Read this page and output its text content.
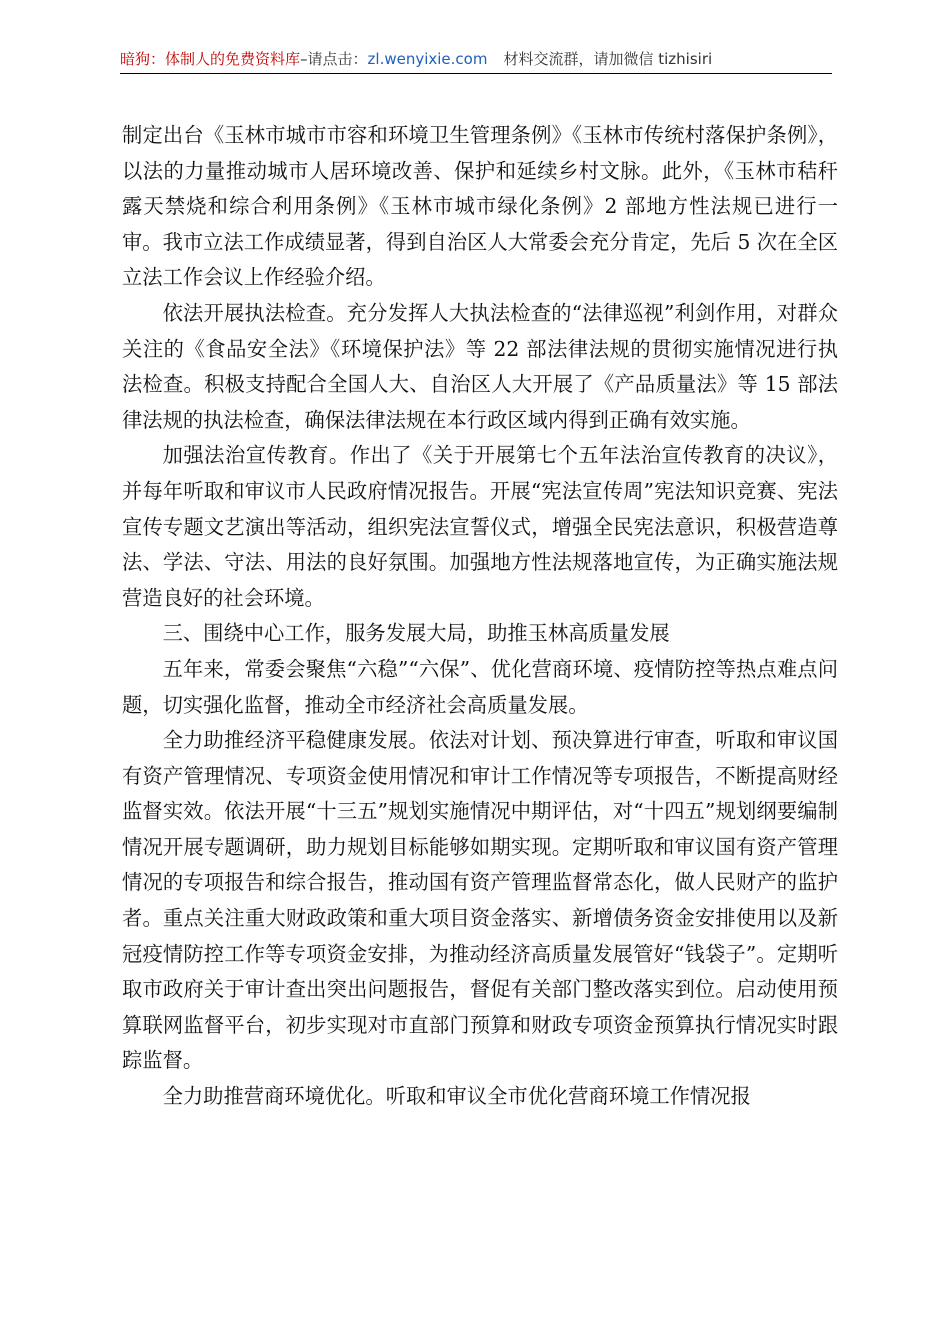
暗狗：体制人的免费资料库–请点击：zl.wenyixie.com 材料交流群，请加微信 tizhisiri

制定出台《玉林市城市市容和环境卫生管理条例》《玉林市传统村落保护条例》，以法的力量推动城市人居环境改善、保护和延续乡村文脉。此外，《玉林市秸秆露天禁烧和综合利用条例》《玉林市城市绿化条例》2 部地方性法规已进行一审。我市立法工作成绩显著，得到自治区人大常委会充分肯定，先后 5 次在全区立法工作会议上作经验介绍。

依法开展执法检查。充分发挥人大执法检查的“法律巡视”利剑作用，对群众关注的《食品安全法》《环境保护法》等 22 部法律法规的贯彻实施情况进行执法检查。积极支持配合全国人大、自治区人大开展了《产品质量法》等 15 部法律法规的执法检查，确保法律法规在本行政区域内得到正确有效实施。

加强法治宣传教育。作出了《关于开展第七个五年法治宣传教育的决议》，并每年听取和审议市人民政府情况报告。开展“宪法宣传周”宪法知识竞赛、宪法宣传专题文艺演出等活动，组织宪法宣誓仪式，增强全民宪法意识，积极营造尊法、学法、守法、用法的良好氛围。加强地方性法规落地宣传，为正确实施法规营造良好的社会环境。

三、围绕中心工作，服务发展大局，助推玉林高质量发展

五年来，常委会聚焦“六稳”“六保”、优化营商环境、疫情防控等热点难点问题，切实强化监督，推动全市经济社会高质量发展。

全力助推经济平稳健康发展。依法对计划、预决算进行审查，听取和审议国有资产管理情况、专项资金使用情况和审计工作情况等专项报告，不断提高财经监督实效。依法开展“十三五”规划实施情况中期评估，对“十四五”规划纲要编制情况开展专题调研，助力规划目标能够如期实现。定期听取和审议国有资产管理情况的专项报告和综合报告，推动国有资产管理监督常态化，做人民财产的监护者。重点关注重大财政政策和重大项目资金落实、新增债务资金安排使用以及新冠疫情防控工作等专项资金安排，为推动经济高质量发展管好“钱袋子”。定期听取市政府关于审计查出突出问题报告，督促有关部门整改落实到位。启动使用预算联网监督平台，初步实现对市直部门预算和财政专项资金预算执行情况实时跟踪监督。

全力助推营商环境优化。听取和审议全市优化营商环境工作情况报
